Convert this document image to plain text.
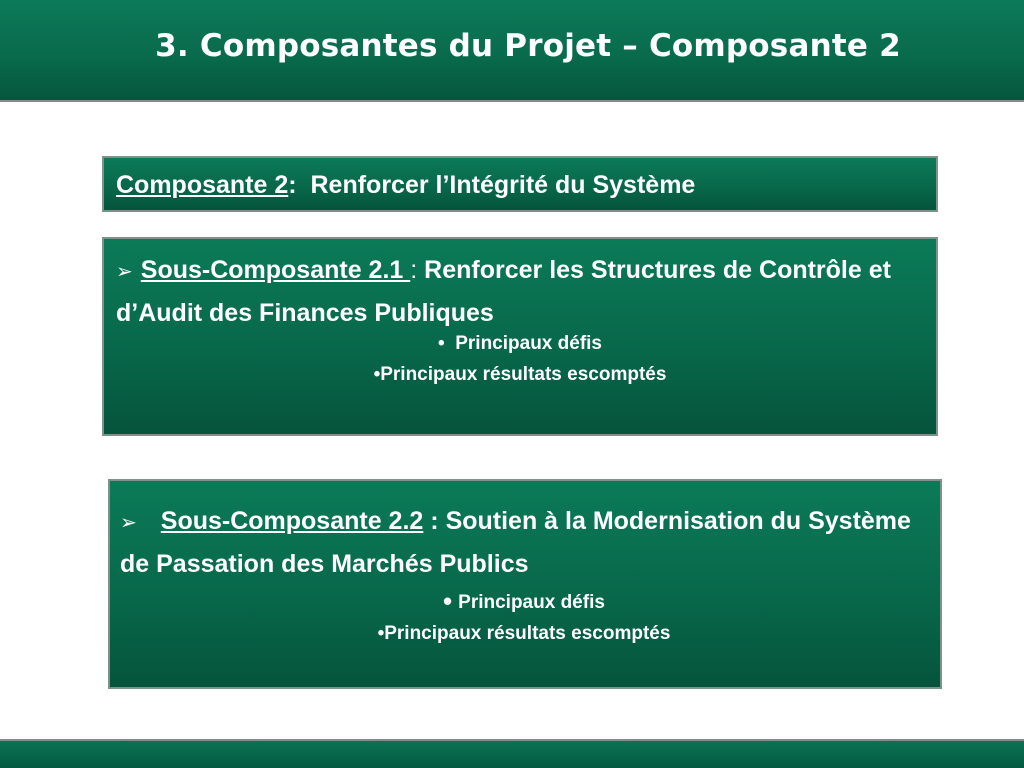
3. Composantes du Projet – Composante 2
Composante 2: Renforcer l’Intégrité du Système

➢ Sous-Composante 2.1 : Renforcer les Structures de Contrôle et d’Audit des Finances Publiques

• Principaux défis
•Principaux résultats escomptés

➢ Sous-Composante 2.2 : Soutien à la Modernisation du Système de Passation des Marchés Publics

• Principaux défis
•Principaux résultats escomptés
